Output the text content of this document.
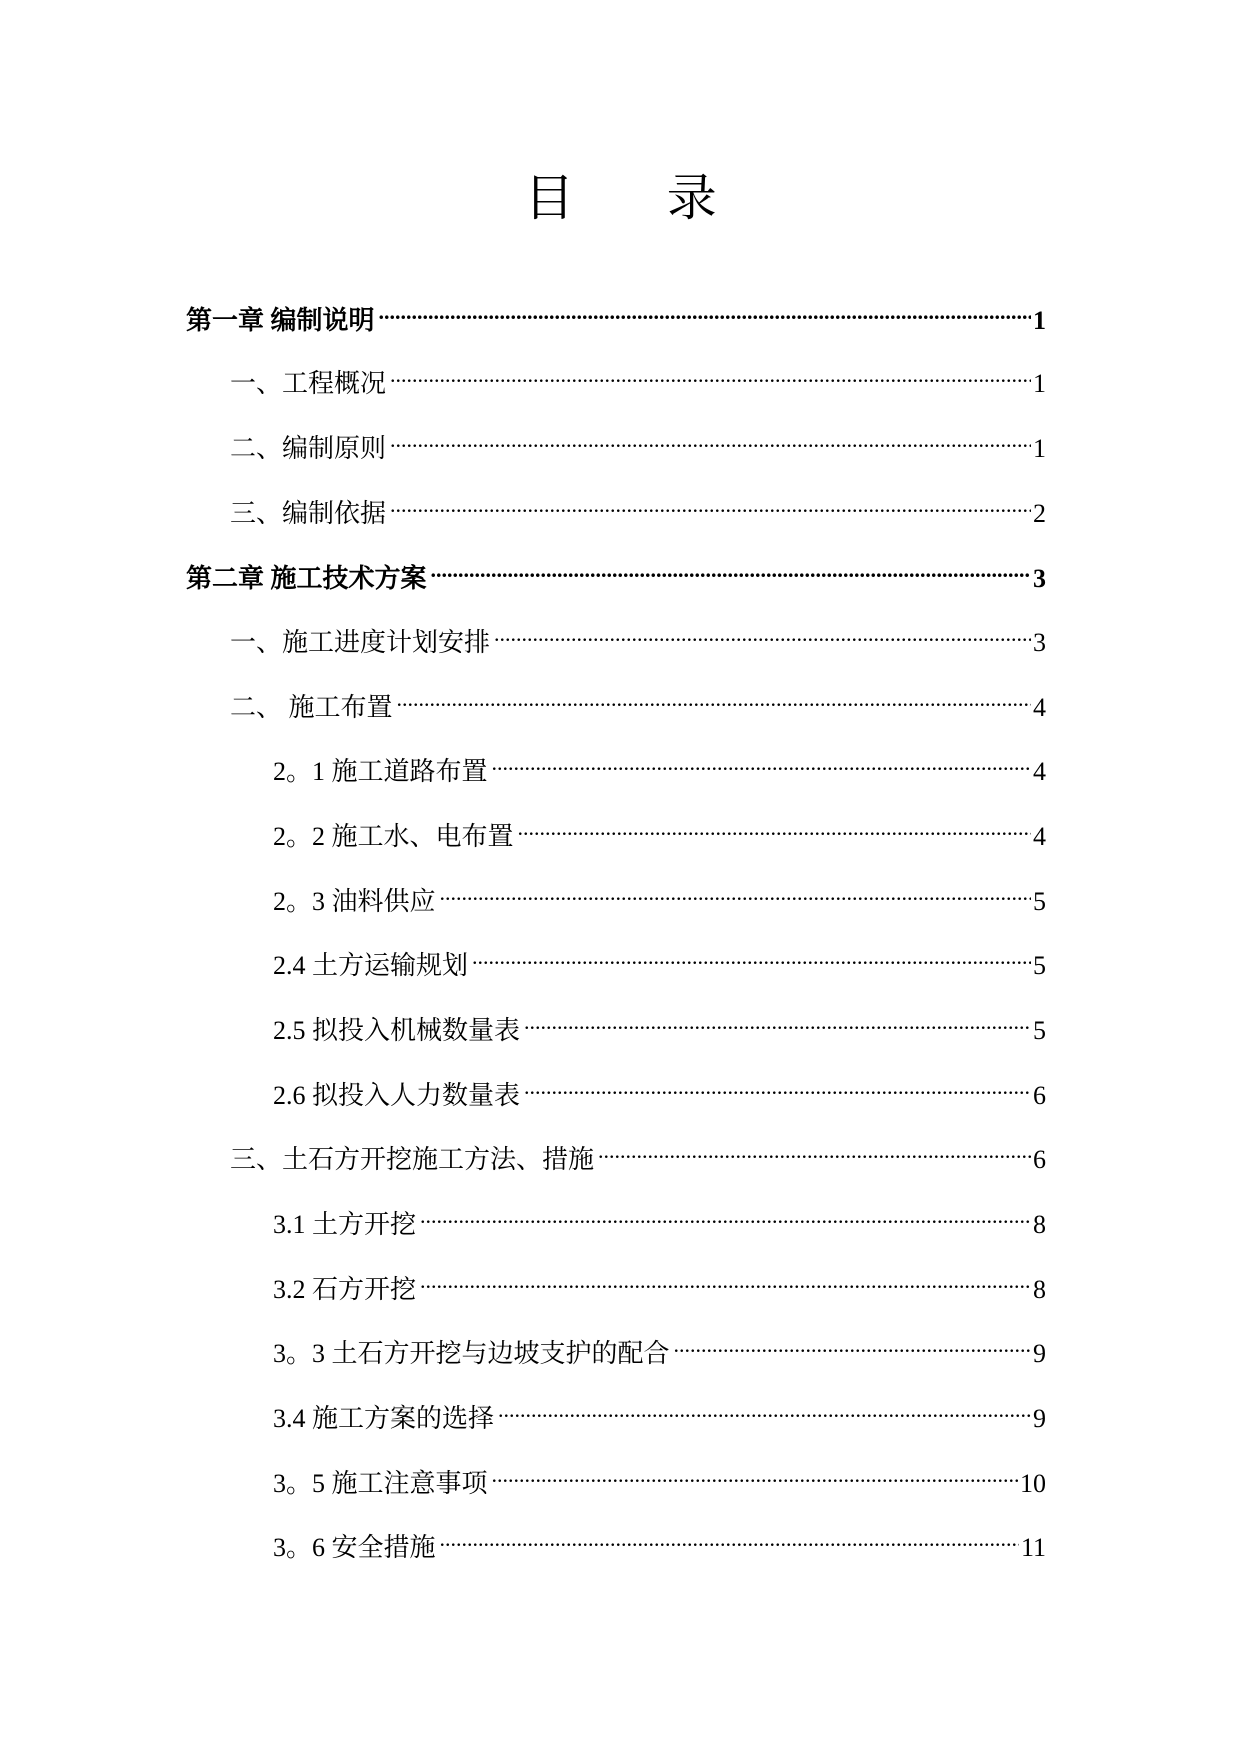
目 录
第一章 编制说明 .....	1
一、工程概况 .....	1
二、编制原则 .....	1
三、编制依据 .....	2
第二章 施工技术方案 .....	3
一、施工进度计划安排 .....	3
二、 施工布置 .....	4
2。1 施工道路布置 .....	4
2。2 施工水、电布置 .....	4
2。3 油料供应 .....	5
2.4 土方运输规划 .....	5
2.5 拟投入机械数量表 .....	5
2.6 拟投入人力数量表 .....	6
三、土石方开挖施工方法、措施 .....	6
3.1 土方开挖 .....	8
3.2 石方开挖 .....	8
3。3 土石方开挖与边坡支护的配合 .....	9
3.4 施工方案的选择 .....	9
3。5 施工注意事项 .....	10
3。6 安全措施 .....	11
